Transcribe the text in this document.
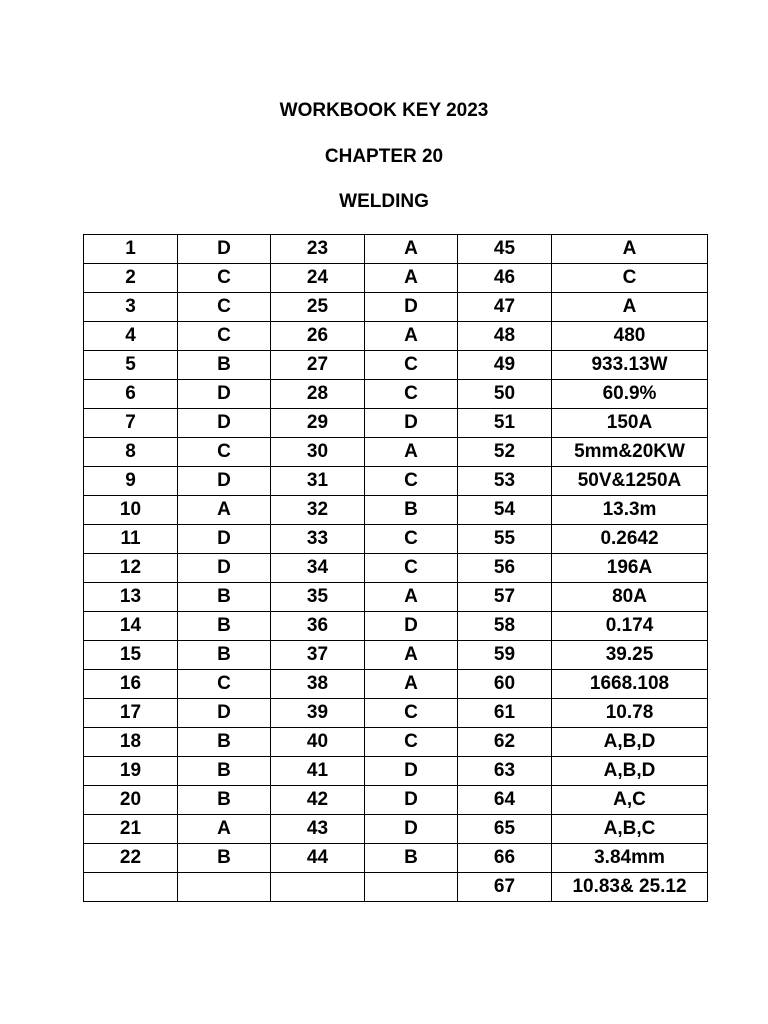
WORKBOOK KEY 2023
CHAPTER 20
WELDING
1	D	23	A	45	A
2	C	24	A	46	C
3	C	25	D	47	A
4	C	26	A	48	480
5	B	27	C	49	933.13W
6	D	28	C	50	60.9%
7	D	29	D	51	150A
8	C	30	A	52	5mm&20KW
9	D	31	C	53	50V&1250A
10	A	32	B	54	13.3m
11	D	33	C	55	0.2642
12	D	34	C	56	196A
13	B	35	A	57	80A
14	B	36	D	58	0.174
15	B	37	A	59	39.25
16	C	38	A	60	1668.108
17	D	39	C	61	10.78
18	B	40	C	62	A,B,D
19	B	41	D	63	A,B,D
20	B	42	D	64	A,C
21	A	43	D	65	A,B,C
22	B	44	B	66	3.84mm
				67	10.83& 25.12
